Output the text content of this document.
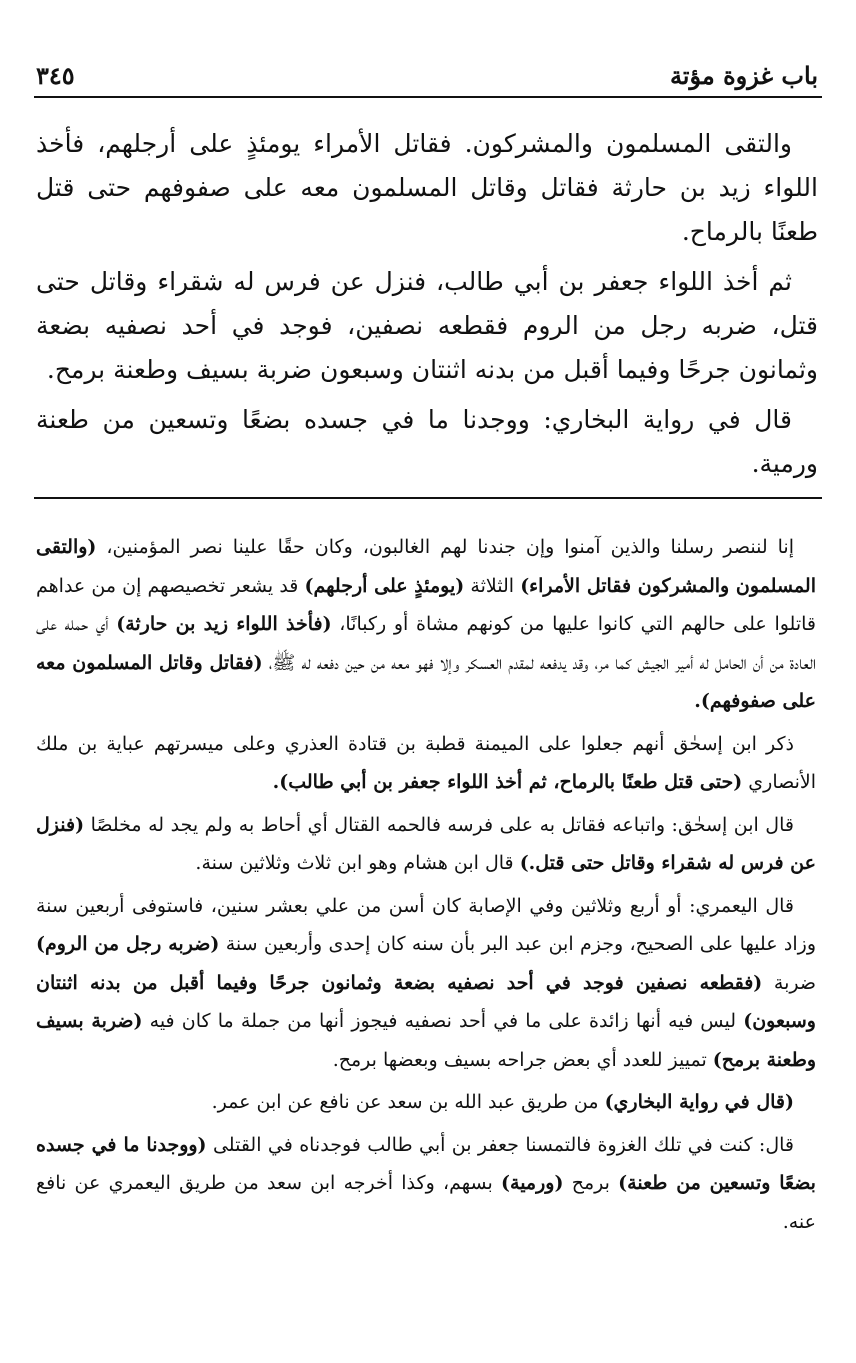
باب غزوة مؤتة
٣٤٥

والتقى المسلمون والمشركون. فقاتل الأمراء يومئذٍ على أرجلهم، فأخذ اللواء زيد بن حارثة فقاتل وقاتل المسلمون معه على صفوفهم حتى قتل طعنًا بالرماح.

ثم أخذ اللواء جعفر بن أبي طالب، فنزل عن فرس له شقراء وقاتل حتى قتل، ضربه رجل من الروم فقطعه نصفين، فوجد في أحد نصفيه بضعة وثمانون جرحًا وفيما أقبل من بدنه اثنتان وسبعون ضربة بسيف وطعنة برمح.

قال في رواية البخاري: ووجدنا ما في جسده بضعًا وتسعين من طعنة ورمية.

إنا لننصر رسلنا والذين آمنوا وإن جندنا لهم الغالبون، وكان حقًا علينا نصر المؤمنين، (والتقى المسلمون والمشركون فقاتل الأمراء) الثلاثة (يومئذٍ على أرجلهم) قد يشعر تخصيصهم إن من عداهم قاتلوا على حالهم التي كانوا عليها من كونهم مشاة أو ركبانًا، (فأخذ اللواء زيد بن حارثة) أي حمله على العادة من أن الحامل له أمير الجيش كما مر، وقد يدفعه لمقدم العسكر وإلا فهو معه من حين دفعه له ﷺ، (فقاتل وقاتل المسلمون معه على صفوفهم).

ذكر ابن إسحٰق أنهم جعلوا على الميمنة قطبة بن قتادة العذري وعلى ميسرتهم عباية بن ملك الأنصاري (حتى قتل طعنًا بالرماح، ثم أخذ اللواء جعفر بن أبي طالب).

قال ابن إسحٰق: واتباعه فقاتل به على فرسه فالحمه القتال أي أحاط به ولم يجد له مخلصًا (فنزل عن فرس له شقراء وقاتل حتى قتل.) قال ابن هشام وهو ابن ثلاث وثلاثين سنة.

قال اليعمري: أو أربع وثلاثين وفي الإصابة كان أسن من علي بعشر سنين، فاستوفى أربعين سنة وزاد عليها على الصحيح، وجزم ابن عبد البر بأن سنه كان إحدى وأربعين سنة (ضربه رجل من الروم) ضربة (فقطعه نصفين فوجد في أحد نصفيه بضعة وثمانون جرحًا وفيما أقبل من بدنه اثنتان وسبعون) ليس فيه أنها زائدة على ما في أحد نصفيه فيجوز أنها من جملة ما كان فيه (ضربة بسيف وطعنة برمح) تمييز للعدد أي بعض جراحه بسيف وبعضها برمح.

(قال في رواية البخاري) من طريق عبد الله بن سعد عن نافع عن ابن عمر.

قال: كنت في تلك الغزوة فالتمسنا جعفر بن أبي طالب فوجدناه في القتلى (ووجدنا ما في جسده بضعًا وتسعين من طعنة) برمح (ورمية) بسهم، وكذا أخرجه ابن سعد من طريق اليعمري عن نافع عنه.
